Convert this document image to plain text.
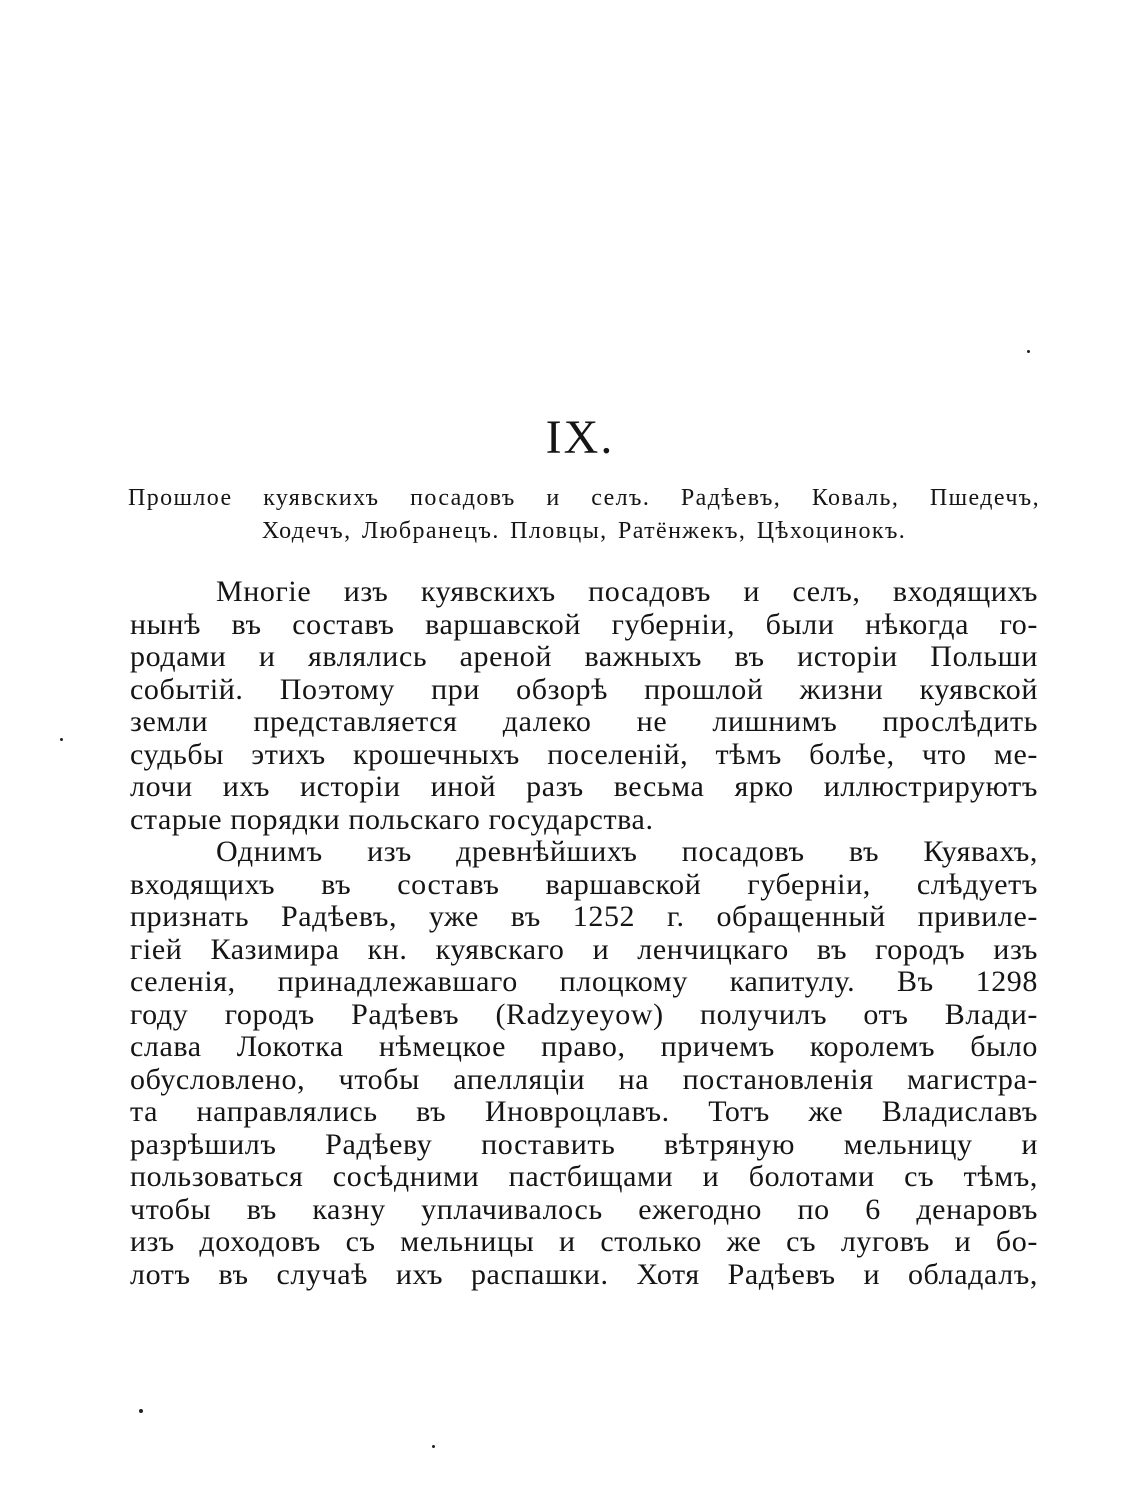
IX.
Прошлое куявскихъ посадовъ и селъ. Радѣевъ, Коваль, Пшедечъ,
Ходечъ, Любранецъ. Пловцы, Ратёнжекъ, Цѣхоцинокъ.
Многіе изъ куявскихъ посадовъ и селъ, входящихъ
нынѣ въ составъ варшавской губерніи, были нѣкогда го-
родами и являлись ареной важныхъ въ исторіи Польши
событій. Поэтому при обзорѣ прошлой жизни куявской
земли представляется далеко не лишнимъ прослѣдить
судьбы этихъ крошечныхъ поселеній, тѣмъ болѣе, что ме-
лочи ихъ исторіи иной разъ весьма ярко иллюстрируютъ
старые порядки польскаго государства.
Однимъ изъ древнѣйшихъ посадовъ въ Куявахъ,
входящихъ въ составъ варшавской губерніи, слѣдуетъ
признать Радѣевъ, уже въ 1252 г. обращенный привиле-
гіей Казимира кн. куявскаго и ленчицкаго въ городъ изъ
селенія, принадлежавшаго плоцкому капитулу. Въ 1298
году городъ Радѣевъ (Radzyeyow) получилъ отъ Влади-
слава Локотка нѣмецкое право, причемъ королемъ было
обусловлено, чтобы апелляціи на постановленія магистра-
та направлялись въ Иновроцлавъ. Тотъ же Владиславъ
разрѣшилъ Радѣеву поставить вѣтряную мельницу и
пользоваться сосѣдними пастбищами и болотами съ тѣмъ,
чтобы въ казну уплачивалось ежегодно по 6 денаровъ
изъ доходовъ съ мельницы и столько же съ луговъ и бо-
лотъ въ случаѣ ихъ распашки. Хотя Радѣевъ и обладалъ,
